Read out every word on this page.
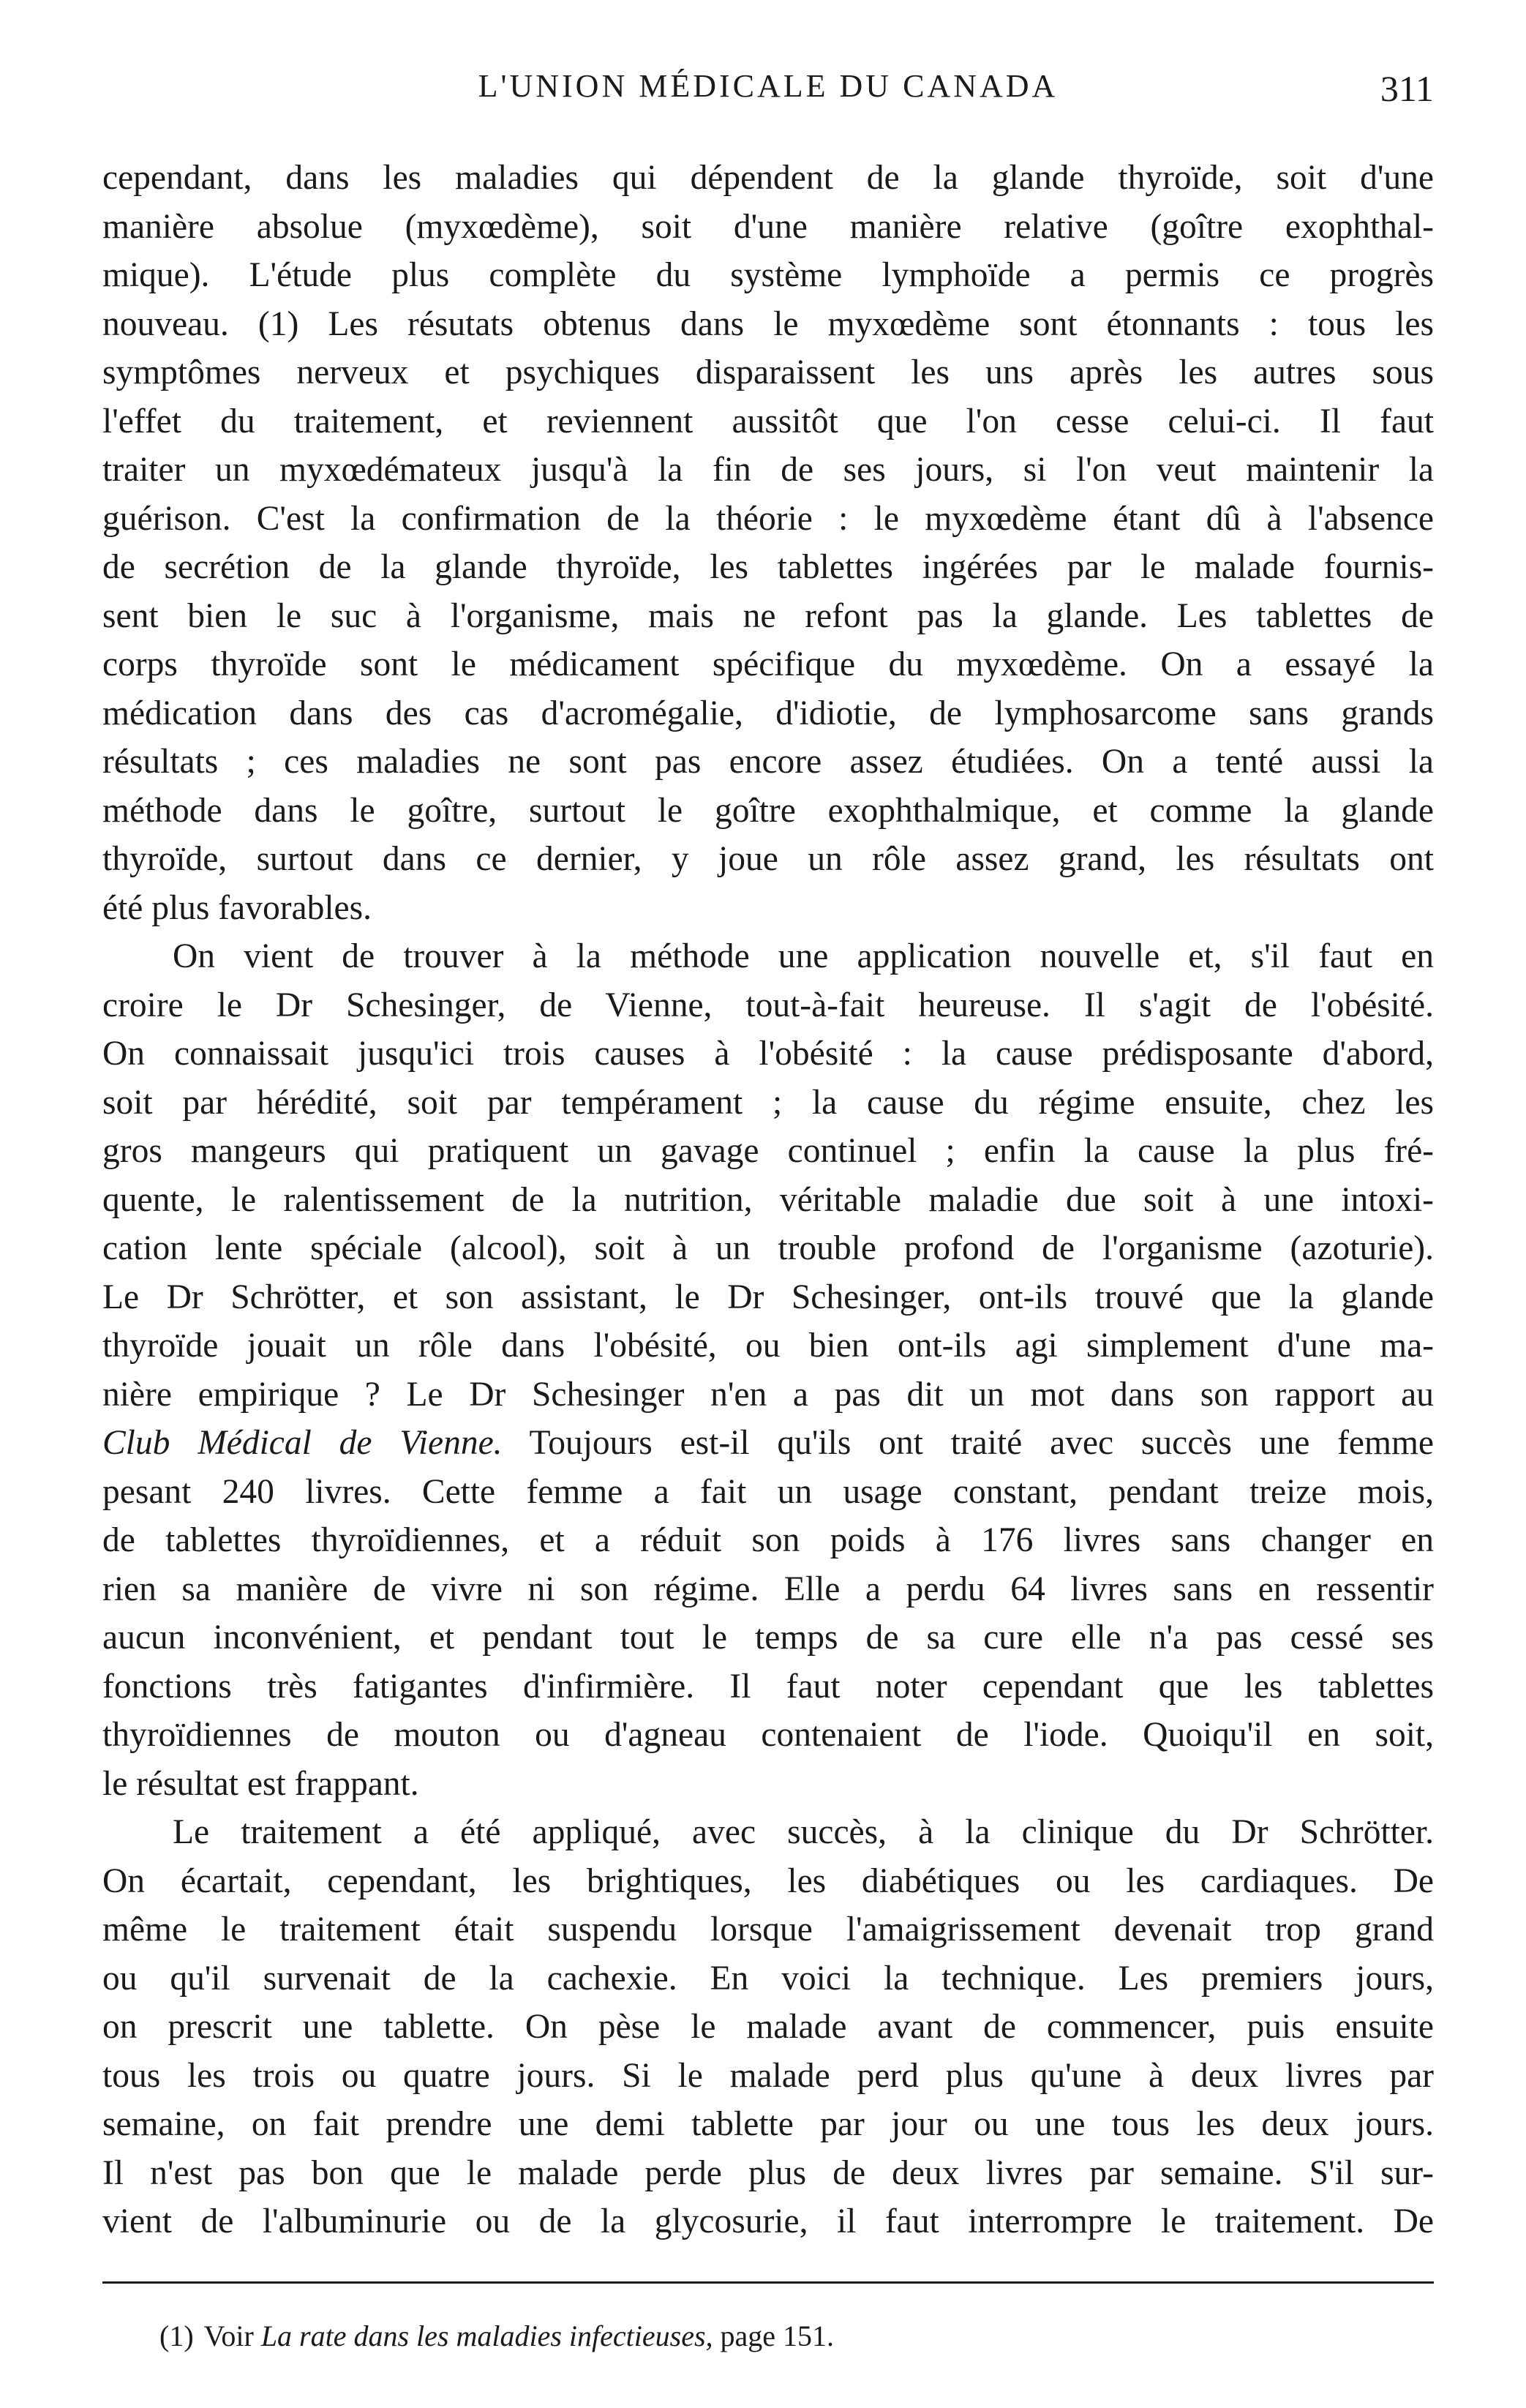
L'UNION MÉDICALE DU CANADA	311

cependant, dans les maladies qui dépendent de la glande thyroïde, soit d'une
manière absolue (myxœdème), soit d'une manière relative (goître exophthal-
mique). L'étude plus complète du système lymphoïde a permis ce progrès
nouveau. (1) Les résutats obtenus dans le myxœdème sont étonnants : tous les
symptômes nerveux et psychiques disparaissent les uns après les autres sous
l'effet du traitement, et reviennent aussitôt que l'on cesse celui-ci. Il faut
traiter un myxœdémateux jusqu'à la fin de ses jours, si l'on veut maintenir la
guérison. C'est la confirmation de la théorie : le myxœdème étant dû à l'absence
de secrétion de la glande thyroïde, les tablettes ingérées par le malade fournis-
sent bien le suc à l'organisme, mais ne refont pas la glande. Les tablettes de
corps thyroïde sont le médicament spécifique du myxœdème. On a essayé la
médication dans des cas d'acromégalie, d'idiotie, de lymphosarcome sans grands
résultats ; ces maladies ne sont pas encore assez étudiées. On a tenté aussi la
méthode dans le goître, surtout le goître exophthalmique, et comme la glande
thyroïde, surtout dans ce dernier, y joue un rôle assez grand, les résultats ont
été plus favorables.

On vient de trouver à la méthode une application nouvelle et, s'il faut en
croire le Dr Schesinger, de Vienne, tout-à-fait heureuse. Il s'agit de l'obésité.
On connaissait jusqu'ici trois causes à l'obésité : la cause prédisposante d'abord,
soit par hérédité, soit par tempérament ; la cause du régime ensuite, chez les
gros mangeurs qui pratiquent un gavage continuel ; enfin la cause la plus fré-
quente, le ralentissement de la nutrition, véritable maladie due soit à une intoxi-
cation lente spéciale (alcool), soit à un trouble profond de l'organisme (azoturie).
Le Dr Schrötter, et son assistant, le Dr Schesinger, ont-ils trouvé que la glande
thyroïde jouait un rôle dans l'obésité, ou bien ont-ils agi simplement d'une ma-
nière empirique ? Le Dr Schesinger n'en a pas dit un mot dans son rapport au
Club Médical de Vienne. Toujours est-il qu'ils ont traité avec succès une femme
pesant 240 livres. Cette femme a fait un usage constant, pendant treize mois,
de tablettes thyroïdiennes, et a réduit son poids à 176 livres sans changer en
rien sa manière de vivre ni son régime. Elle a perdu 64 livres sans en ressentir
aucun inconvénient, et pendant tout le temps de sa cure elle n'a pas cessé ses
fonctions très fatigantes d'infirmière. Il faut noter cependant que les tablettes
thyroïdiennes de mouton ou d'agneau contenaient de l'iode. Quoiqu'il en soit,
le résultat est frappant.

Le traitement a été appliqué, avec succès, à la clinique du Dr Schrötter.
On écartait, cependant, les brightiques, les diabétiques ou les cardiaques. De
même le traitement était suspendu lorsque l'amaigrissement devenait trop grand
ou qu'il survenait de la cachexie. En voici la technique. Les premiers jours,
on prescrit une tablette. On pèse le malade avant de commencer, puis ensuite
tous les trois ou quatre jours. Si le malade perd plus qu'une à deux livres par
semaine, on fait prendre une demi tablette par jour ou une tous les deux jours.
Il n'est pas bon que le malade perde plus de deux livres par semaine. S'il sur-
vient de l'albuminurie ou de la glycosurie, il faut interrompre le traitement. De

(1) Voir La rate dans les maladies infectieuses, page 151.
